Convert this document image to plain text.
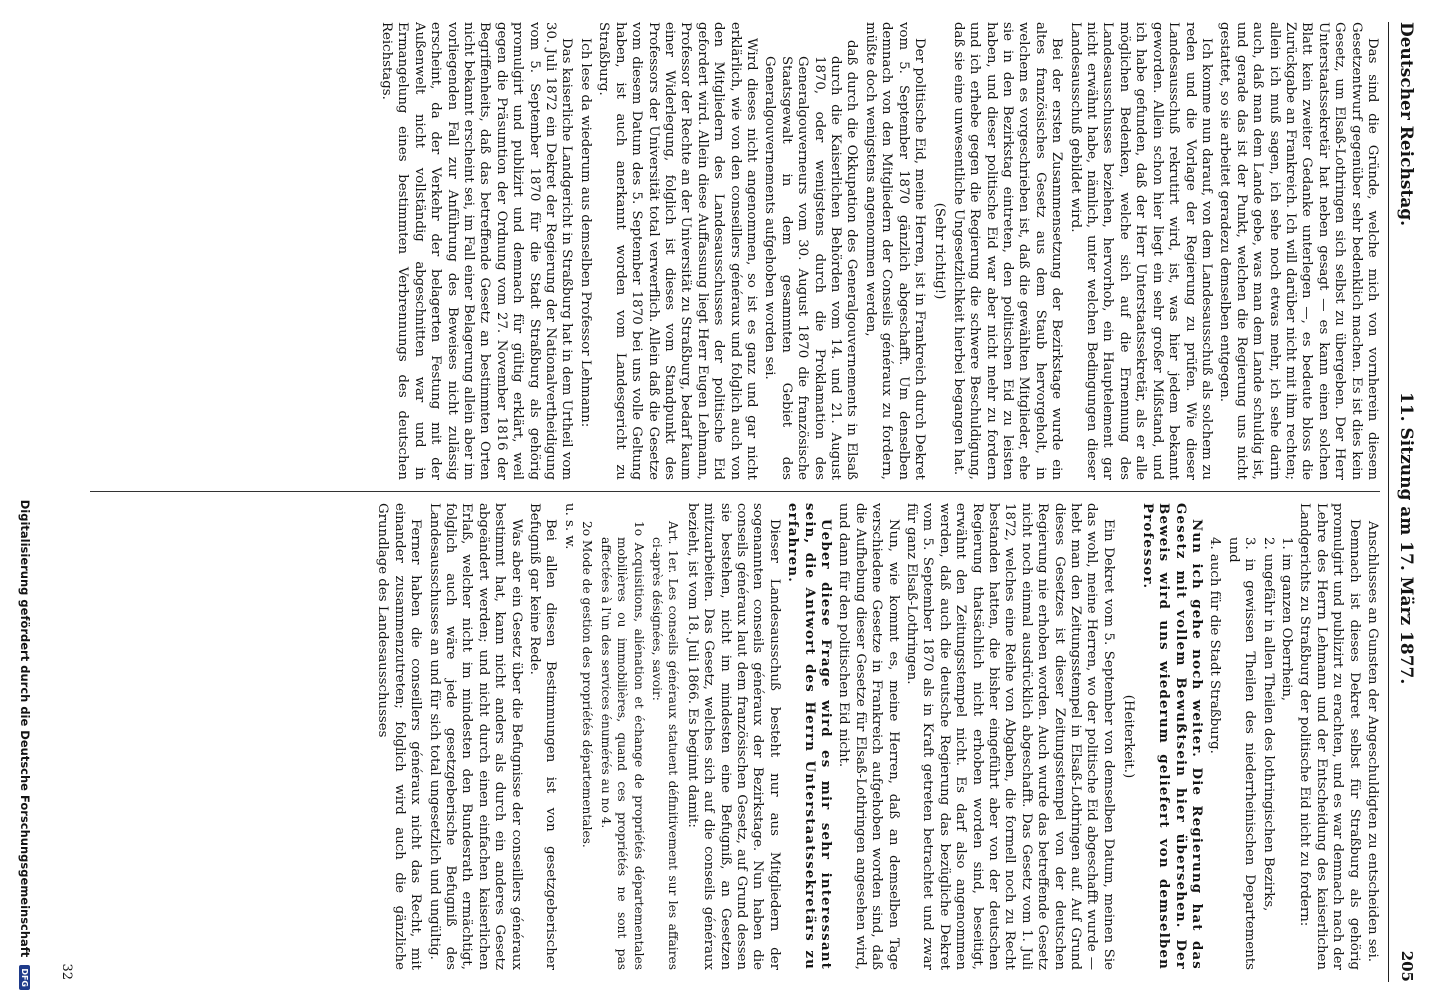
Deutscher Reichstag.
11. Sitzung am 17. März 1877.
205

Das sind die Gründe, welche mich von vornherein diesem Gesetzentwurf gegenüber sehr bedenklich machen. Es ist dies kein Gesetz, um Elsaß-Lothringen sich selbst zu übergeben. Der Herr Unterstaatssekretär hat neben gesagt — es kann einen solchen Blatt kein zweiter Gedanke unterlegen —, es bedeute bloss die Zurückgabe an Frankreich. Ich will darüber nicht mit ihm rechten; allein ich muß sagen, ich sehe noch etwas mehr, ich sehe darin auch, daß man dem Lande gebe, was man dem Lande schuldig ist, und gerade das ist der Punkt, welchen die Regierung uns nicht gestattet, so sie arbeitet geradezu demselben entgegen.

Ich komme nun darauf, von dem Landesausschuß als solchem zu reden und die Vorlage der Regierung zu prüfen. Wie dieser Landesausschuß rekrutirt wird, ist, was hier jedem bekannt geworden. Allein schon hier liegt ein sehr großer Mißstand, und ich habe gefunden, daß der Herr Unterstaatssekretär, als er alle möglichen Bedenken, welche sich auf die Ernennung des Landesausschusses beziehen, hervorhob, ein Hauptelement gar nicht erwähnt habe, nämlich, unter welchen Bedingungen dieser Landesausschuß gebildet wird.

Bei der ersten Zusammensetzung der Bezirkstage wurde ein altes französisches Gesetz aus dem Staub hervorgeholt, in welchem es vorgeschrieben ist, daß die gewählten Mitglieder, ehe sie in den Bezirkstag eintreten, den politischen Eid zu leisten haben, und dieser politische Eid war aber nicht mehr zu fordern und ich erhebe gegen die Regierung die schwere Beschuldigung, daß sie eine unwesentliche Ungesetzlichkeit hierbei begangen hat.

(Sehr richtig!)

Der politische Eid, meine Herren, ist in Frankreich durch Dekret vom 5. September 1870 gänzlich abgeschafft. Um denselben demnach von den Mitgliedern der Conseils généraux zu fordern, müßte doch wenigstens angenommen werden,

daß durch die Okkupation des Generalgouvernements in Elsaß durch die Kaiserlichen Behörden vom 14. und 21. August 1870, oder wenigstens durch die Proklamation des Generalgouverneurs vom 30. August 1870 die französische Staatsgewalt in dem gesammten Gebiet des Generalgouvernements aufgehoben worden sei.

Wird dieses nicht angenommen, so ist es ganz und gar nicht erklärlich, wie von den conseillers généraux und folglich auch von den Mitgliedern des Landesausschusses der politische Eid gefordert wird. Allein diese Auffassung liegt Herr Eugen Lehmann, Professor der Rechte an der Universität zu Straßburg, bedarf kaum einer Widerlegung, folglich ist dieses vom Standpunkt des Professors der Universität total verwerflich. Allein daß die Gesetze vom diesem Datum des 5. September 1870 bei uns volle Geltung haben, ist auch anerkannt worden vom Landesgericht zu Straßburg.

Ich lese da wiederum aus demselben Professor Lehmann:

Das kaiserliche Landgericht in Straßburg hat in dem Urtheil vom 30. Juli 1872 ein Dekret der Regierung der Nationalvertheidigung vom 5. September 1870 für die Stadt Straßburg als gehörig promulgirt und publizirt und demnach für gültig erklärt, weil gegen die Präsumtion der Ordnung vom 27. November 1816 der Begriffenheits, daß das betreffende Gesetz an bestimmten Orten nicht bekannt erscheint sei, im Fall einer Belagerung allein aber im vorliegenden Fall zur Anführung des Beweises nicht zulässig erscheint, da der Verkehr der belagerten Festung mit der Außenwelt nicht vollständig abgeschnitten war und in Ermangelung eines bestimmten Verbrennungs des deutschen Reichstags.

Anschlusses an Gunsten der Angeschuldigten zu entscheiden sei.

Demnach ist dieses Dekret selbst für Straßburg als gehörig promulgirt und publizirt zu erachten, und es war demnach nach der Lehre des Herrn Lehmann und der Entscheidung des kaiserlichen Landgerichts zu Straßburg der politische Eid nicht zu fordern:

1. im ganzen Oberrhein,

2. ungefähr in allen Theilen des lothringischen Bezirks,

3. in gewissen Theilen des niederrheinischen Departements und

4. auch für die Stadt Straßburg.

Nun ich gehe noch weiter. Die Regierung hat das Gesetz mit vollem Bewußtsein hier übersehen. Der Beweis wird uns wiederum geliefert von demselben Professor.

(Heiterkeit.)

Ein Dekret vom 5. September von demselben Datum, meinen Sie das wohl, meine Herren, wo der politische Eid abgeschafft wurde — hebt man den Zeitungsstempel in Elsaß-Lothringen auf. Auf Grund dieses Gesetzes ist dieser Zeitungsstempel von der deutschen Regierung nie erhoben worden. Auch wurde das betreffende Gesetz nicht noch einmal ausdrücklich abgeschafft. Das Gesetz vom 1. Juli 1872, welches eine Reihe von Abgaben, die formell noch zu Recht bestanden hatten, die bisher eingeführt aber von der deutschen Regierung thatsächlich nicht erhoben worden sind, beseitigt, erwähnt den Zeitungsstempel nicht. Es darf also angenommen werden, daß auch die deutsche Regierung das bezügliche Dekret vom 5. September 1870 als in Kraft getreten betrachtet und zwar für ganz Elsaß-Lothringen.

Nun, wie kommt es, meine Herren, daß an demselben Tage verschiedene Gesetze in Frankreich aufgehoben worden sind, daß die Aufhebung dieser Gesetze für Elsaß-Lothringen angesehen wird, und dann für den politischen Eid nicht.

Ueber diese Frage wird es mir sehr interessant sein, die Antwort des Herrn Unterstaatssekretärs zu erfahren.

Dieser Landesausschuß besteht nur aus Mitgliedern der sogenannten conseils généraux der Bezirkstage. Nun haben die conseils généraux laut dem französischen Gesetz, auf Grund dessen sie bestehen, nicht im mindesten eine Befugniß, an Gesetzen mitzuarbeiten. Das Gesetz, welches sich auf die conseils généraux bezieht, ist vom 18. Juli 1866. Es beginnt damit:

Art. 1er. Les conseils généraux statuent définitivement sur les affaires ci-après désignées, savoir:

1o Acquisitions, aliénation et échange de propriétés départementales mobilières ou immobilières, quand ces propriétés ne sont pas affectées à l'un des services énumérés au no 4.

2o Mode de gestion des propriétés départementales.

u. s. w.

Bei allen diesen Bestimmungen ist von gesetzgeberischer Befugniß gar keine Rede.

Was aber ein Gesetz über die Befugnisse der conseillers généraux bestimmt hat, kann nicht anders als durch ein anderes Gesetz abgeändert werden; und nicht durch einen einfachen kaiserlichen Erlaß, welcher nicht im mindesten den Bundesrath ermächtigt, folglich auch wäre jede gesetzgeberische Befugniß des Landesausschusses an und für sich total ungesetzlich und ungültig.

Ferner haben die conseillers généraux nicht das Recht, mit einander zusammenzutreten; folglich wird auch die gänzliche Grundlage des Landesausschusses

32
Digitalisierung gefördert durch die Deutsche Forschungsgemeinschaft DFG
